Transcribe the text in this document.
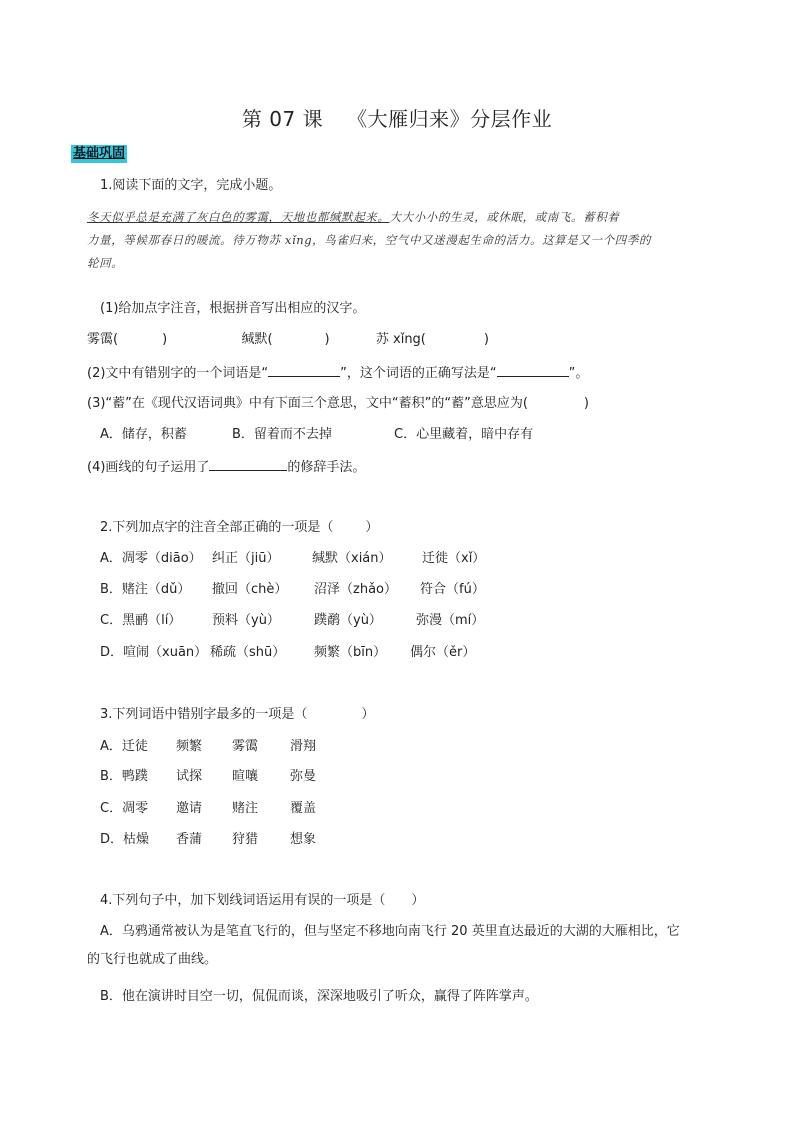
第 07 课 《大雁归来》分层作业
基础巩固
1.阅读下面的文字，完成小题。
冬天似乎总是充满了灰白色的雾霭，天地也都缄默起来。大大小小的生灵，或休眠，或南飞。蓄积着
力量，等候那春日的暖流。待万物苏 xǐng，鸟雀归来，空气中又迷漫起生命的活力。这算是又一个四季的
轮回。
(1)给加点字注音，根据拼音写出相应的汉字。
雾霭(	)	缄默(	)	苏 xǐng(	)
(2)文中有错别字的一个词语是“	”，这个词语的正确写法是“	”。
(3)“蓄”在《现代汉语词典》中有下面三个意思，文中“蓄积”的“蓄”意思应为(	)
A．储存，积蓄	B．留着而不去掉	C．心里藏着，暗中存有
(4)画线的句子运用了	的修辞手法。
2.下列加点字的注音全部正确的一项是（ ）
A．凋零（diāo） 纠正（jiū）	缄默（xián） 迁徙（xǐ）
B．赌注（dǔ） 撤回（chè） 沼泽（zhǎo） 符合（fú）
C．黑鹂（lí） 预料（yù）	蹼鹬（yù）	弥漫（mí）
D．喧闹（xuān） 稀疏（shū） 频繁（bīn） 偶尔（ěr）
3.下列词语中错别字最多的一项是（	）
A．迁徒 频繁 雾霭 滑翔
B．鸭蹼 试探 暄嚷 弥曼
C．凋零 邀请 赌注 覆盖
D．枯燥 香蒲 狩猎 想象
4.下列句子中，加下划线词语运用有误的一项是（ ）
A．乌鸦通常被认为是笔直飞行的，但与坚定不移地向南飞行 20 英里直达最近的大湖的大雁相比，它
的飞行也就成了曲线。
B．他在演讲时目空一切，侃侃而谈，深深地吸引了听众，赢得了阵阵掌声。
